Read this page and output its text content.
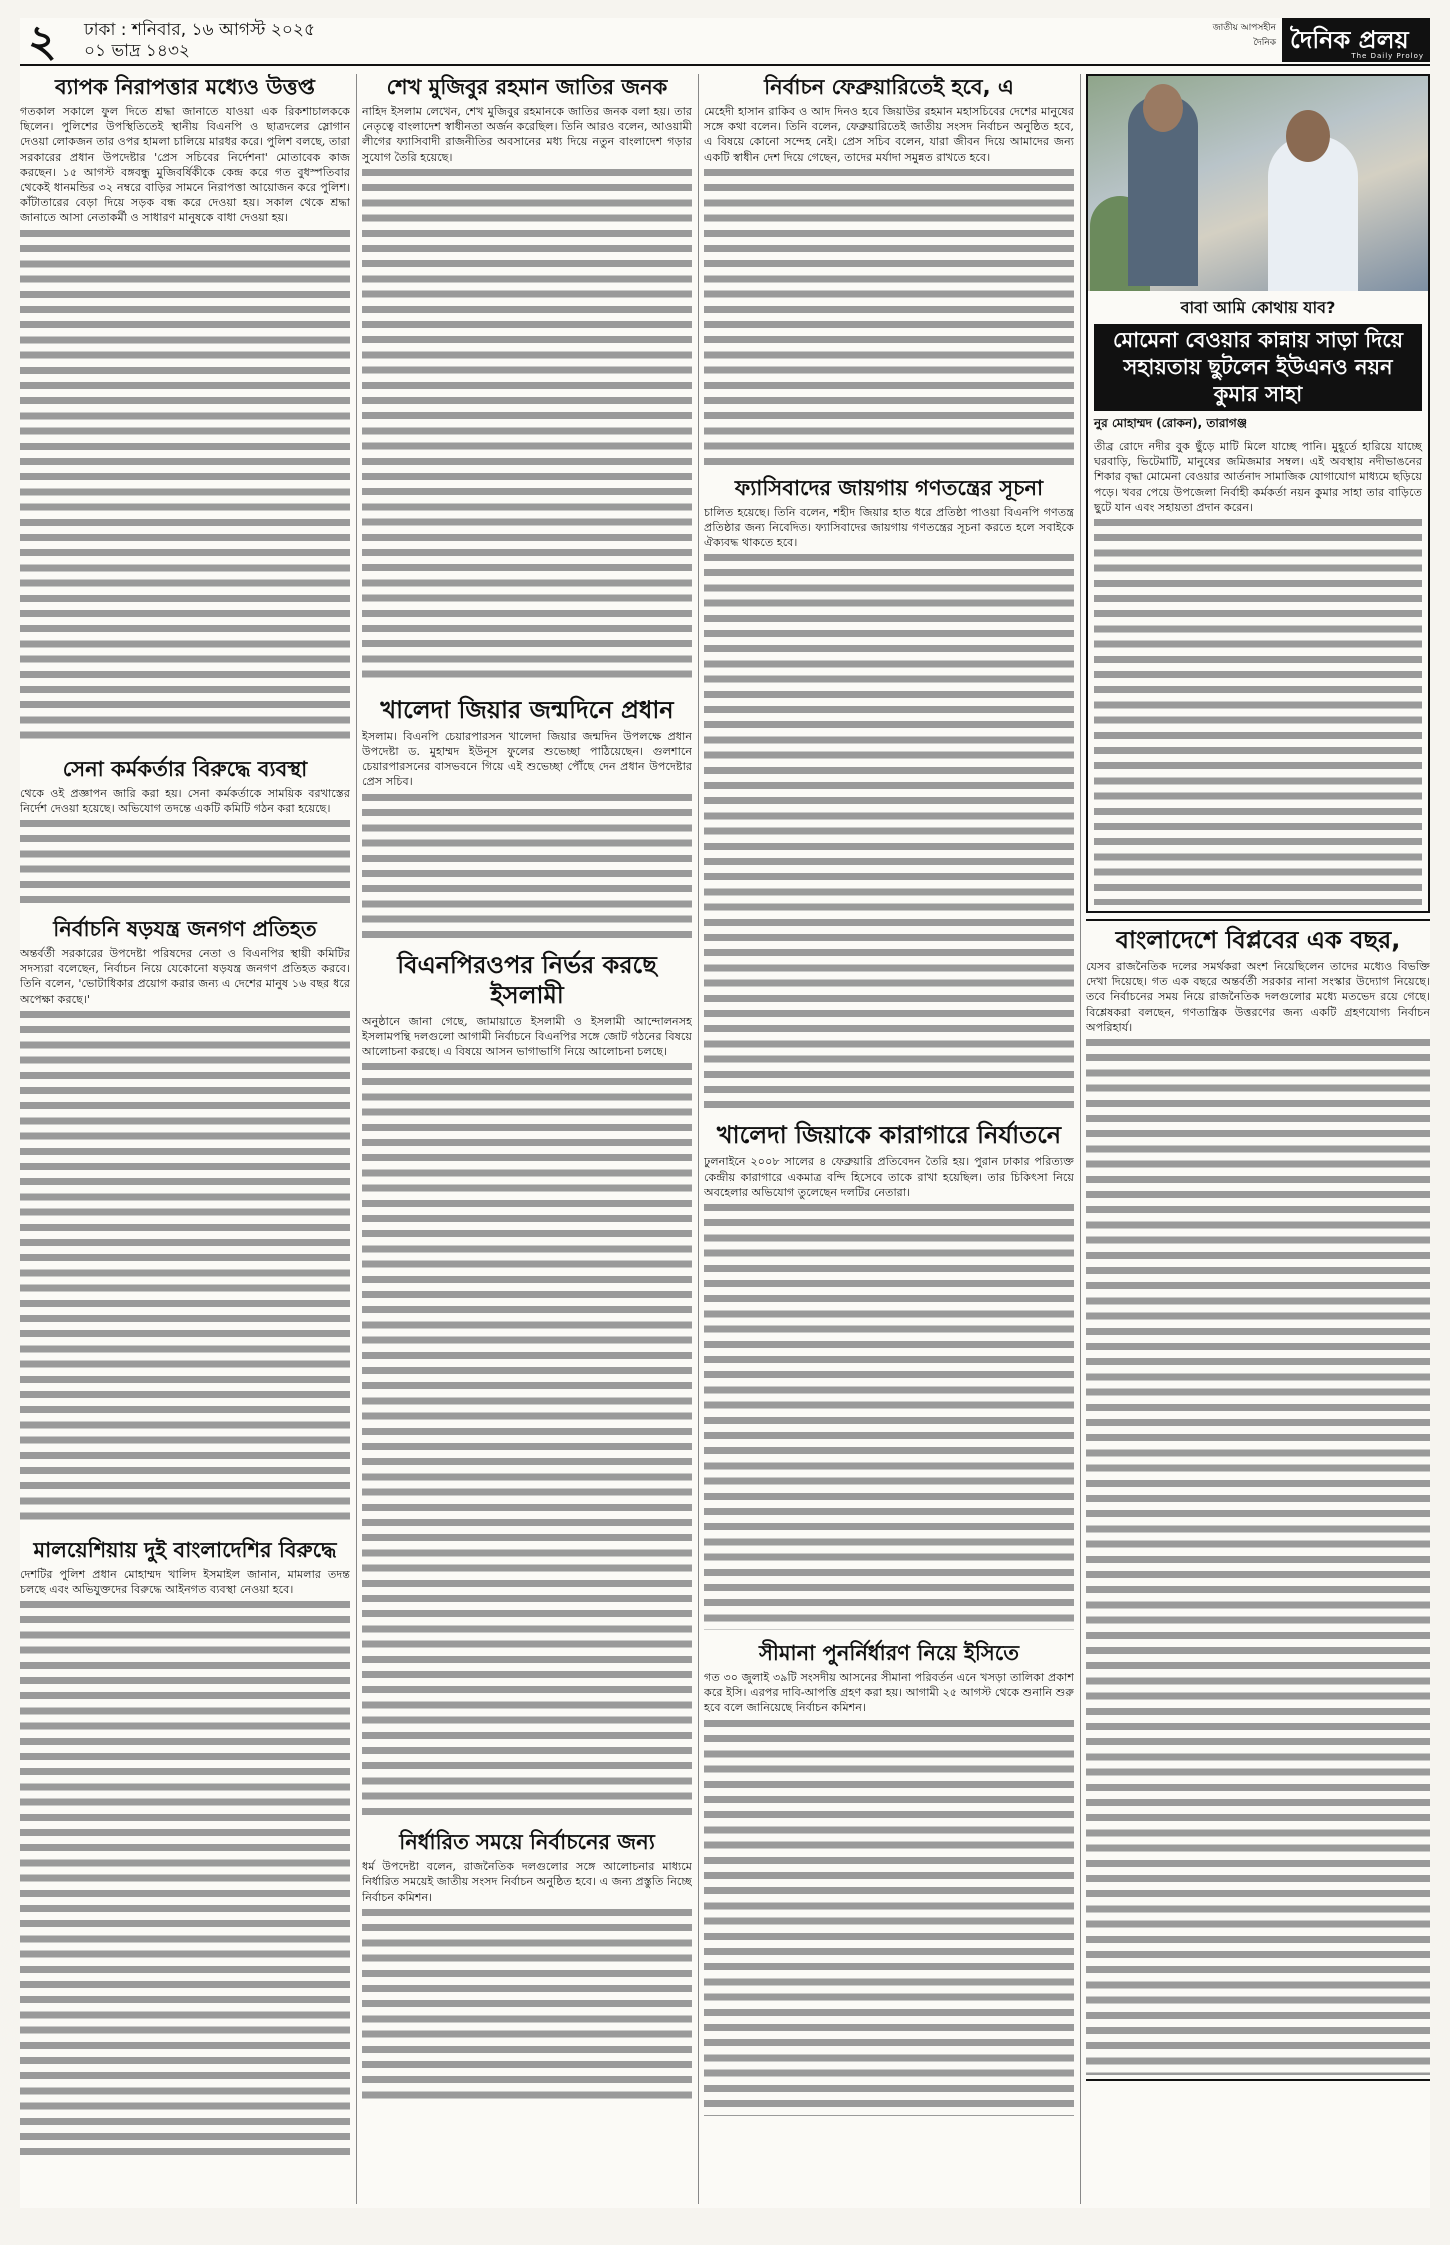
২ ঢাকা : শনিবার, ১৬ আগস্ট ২০২৫
০১ ভাদ্র ১৪৩২
জাতীয় আপসহীন দৈনিক দৈনিক প্রলয়
The Daily Proloy
ব্যাপক নিরাপত্তার মধ্যেও উত্তপ্ত

গতকাল সকালে ফুল দিতে শ্রদ্ধা জানাতে যাওয়া এক রিকশাচালককে ছিলেন। পুলিশের উপস্থিতিতেই স্থানীয় বিএনপি ও ছাত্রদলের স্লোগান দেওয়া লোকজন তার ওপর হামলা চালিয়ে মারধর করে। পুলিশ বলছে, তারা সরকারের প্রধান উপদেষ্টার 'প্রেস সচিবের নির্দেশনা' মোতাবেক কাজ করছেন। ১৫ আগস্ট বঙ্গবন্ধু মুজিবর্ষিকীকে কেন্দ্র করে গত বুধস্পতিবার থেকেই ধানমন্ডির ৩২ নম্বরে বাড়ির সামনে নিরাপত্তা আয়োজন করে পুলিশ। কাঁটাতারের বেড়া দিয়ে সড়ক বন্ধ করে দেওয়া হয়। সকাল থেকে শ্রদ্ধা জানাতে আসা নেতাকর্মী ও সাধারণ মানুষকে বাধা দেওয়া হয়।

সেনা কর্মকর্তার বিরুদ্ধে ব্যবস্থা

থেকে ওই প্রজ্ঞাপন জারি করা হয়। সেনা কর্মকর্তাকে সাময়িক বরখাস্তের নির্দেশ দেওয়া হয়েছে। অভিযোগ তদন্তে একটি কমিটি গঠন করা হয়েছে।

নির্বাচনি ষড়যন্ত্র জনগণ প্রতিহত

অন্তর্বর্তী সরকারের উপদেষ্টা পরিষদের নেতা ও বিএনপির স্থায়ী কমিটির সদস্যরা বলেছেন, নির্বাচন নিয়ে যেকোনো ষড়যন্ত্র জনগণ প্রতিহত করবে। তিনি বলেন, 'ভোটাধিকার প্রয়োগ করার জন্য এ দেশের মানুষ ১৬ বছর ধরে অপেক্ষা করছে।'

মালয়েশিয়ায় দুই বাংলাদেশির বিরুদ্ধে

দেশটির পুলিশ প্রধান মোহাম্মদ খালিদ ইসমাইল জানান, মামলার তদন্ত চলছে এবং অভিযুক্তদের বিরুদ্ধে আইনগত ব্যবস্থা নেওয়া হবে।

শেখ মুজিবুর রহমান জাতির জনক

নাহিদ ইসলাম লেখেন, শেখ মুজিবুর রহমানকে জাতির জনক বলা হয়। তার নেতৃত্বে বাংলাদেশ স্বাধীনতা অর্জন করেছিল। তিনি আরও বলেন, আওয়ামী লীগের ফ্যাসিবাদী রাজনীতির অবসানের মধ্য দিয়ে নতুন বাংলাদেশ গড়ার সুযোগ তৈরি হয়েছে।

খালেদা জিয়ার জন্মদিনে প্রধান

ইসলাম। বিএনপি চেয়ারপারসন খালেদা জিয়ার জন্মদিন উপলক্ষে প্রধান উপদেষ্টা ড. মুহাম্মদ ইউনূস ফুলের শুভেচ্ছা পাঠিয়েছেন। গুলশানে চেয়ারপারসনের বাসভবনে গিয়ে এই শুভেচ্ছা পৌঁছে দেন প্রধান উপদেষ্টার প্রেস সচিব।

বিএনপিরওপর নির্ভর করছে ইসলামী

অনুষ্ঠানে জানা গেছে, জামায়াতে ইসলামী ও ইসলামী আন্দোলনসহ ইসলামপন্থি দলগুলো আগামী নির্বাচনে বিএনপির সঙ্গে জোট গঠনের বিষয়ে আলোচনা করছে। এ বিষয়ে আসন ভাগাভাগি নিয়ে আলোচনা চলছে।

নির্ধারিত সময়ে নির্বাচনের জন্য

ধর্ম উপদেষ্টা বলেন, রাজনৈতিক দলগুলোর সঙ্গে আলোচনার মাধ্যমে নির্ধারিত সময়েই জাতীয় সংসদ নির্বাচন অনুষ্ঠিত হবে। এ জন্য প্রস্তুতি নিচ্ছে নির্বাচন কমিশন।

নির্বাচন ফেব্রুয়ারিতেই হবে, এ

মেহেদী হাসান রাকিব ও আদ দিনও হবে জিয়াউর রহমান মহাসচিবের দেশের মানুষের সঙ্গে কথা বলেন। তিনি বলেন, ফেব্রুয়ারিতেই জাতীয় সংসদ নির্বাচন অনুষ্ঠিত হবে, এ বিষয়ে কোনো সন্দেহ নেই। প্রেস সচিব বলেন, যারা জীবন দিয়ে আমাদের জন্য একটি স্বাধীন দেশ দিয়ে গেছেন, তাদের মর্যাদা সমুন্নত রাখতে হবে।

ফ্যাসিবাদের জায়গায় গণতন্ত্রের সূচনা

চালিত হয়েছে। তিনি বলেন, শহীদ জিয়ার হাত ধরে প্রতিষ্ঠা পাওয়া বিএনপি গণতন্ত্র প্রতিষ্ঠার জন্য নিবেদিত। ফ্যাসিবাদের জায়গায় গণতন্ত্রের সূচনা করতে হলে সবাইকে ঐক্যবদ্ধ থাকতে হবে।

খালেদা জিয়াকে কারাগারে নির্যাতনে

ঢুলনাইনে ২০০৮ সালের ৪ ফেব্রুয়ারি প্রতিবেদন তৈরি হয়। পুরান ঢাকার পরিত্যক্ত কেন্দ্রীয় কারাগারে একমাত্র বন্দি হিসেবে তাকে রাখা হয়েছিল। তার চিকিৎসা নিয়ে অবহেলার অভিযোগ তুলেছেন দলটির নেতারা।

সীমানা পুনর্নির্ধারণ নিয়ে ইসিতে

গত ৩০ জুলাই ৩৯টি সংসদীয় আসনের সীমানা পরিবর্তন এনে খসড়া তালিকা প্রকাশ করে ইসি। এরপর দাবি-আপত্তি গ্রহণ করা হয়। আগামী ২৫ আগস্ট থেকে শুনানি শুরু হবে বলে জানিয়েছে নির্বাচন কমিশন।

বাবা আমি কোথায় যাব?
মোমেনা বেওয়ার কান্নায় সাড়া দিয়ে সহায়তায় ছুটলেন ইউএনও নয়ন কুমার সাহা
নুর মোহাম্মদ (রোকন), তারাগঞ্জ

তীব্র রোদে নদীর বুক ছুঁড়ে মাটি মিলে যাচ্ছে পানি। মুহূর্তে হারিয়ে যাচ্ছে ঘরবাড়ি, ভিটেমাটি, মানুষের জমিজমার সম্বল। এই অবস্থায় নদীভাঙনের শিকার বৃদ্ধা মোমেনা বেওয়ার আর্তনাদ সামাজিক যোগাযোগ মাধ্যমে ছড়িয়ে পড়ে। খবর পেয়ে উপজেলা নির্বাহী কর্মকর্তা নয়ন কুমার সাহা তার বাড়িতে ছুটে যান এবং সহায়তা প্রদান করেন।

বাংলাদেশে বিপ্লবের এক বছর,

যেসব রাজনৈতিক দলের সমর্থকরা অংশ নিয়েছিলেন তাদের মধ্যেও বিভক্তি দেখা দিয়েছে। গত এক বছরে অন্তর্বর্তী সরকার নানা সংস্কার উদ্যোগ নিয়েছে। তবে নির্বাচনের সময় নিয়ে রাজনৈতিক দলগুলোর মধ্যে মতভেদ রয়ে গেছে। বিশ্লেষকরা বলছেন, গণতান্ত্রিক উত্তরণের জন্য একটি গ্রহণযোগ্য নির্বাচন অপরিহার্য।
